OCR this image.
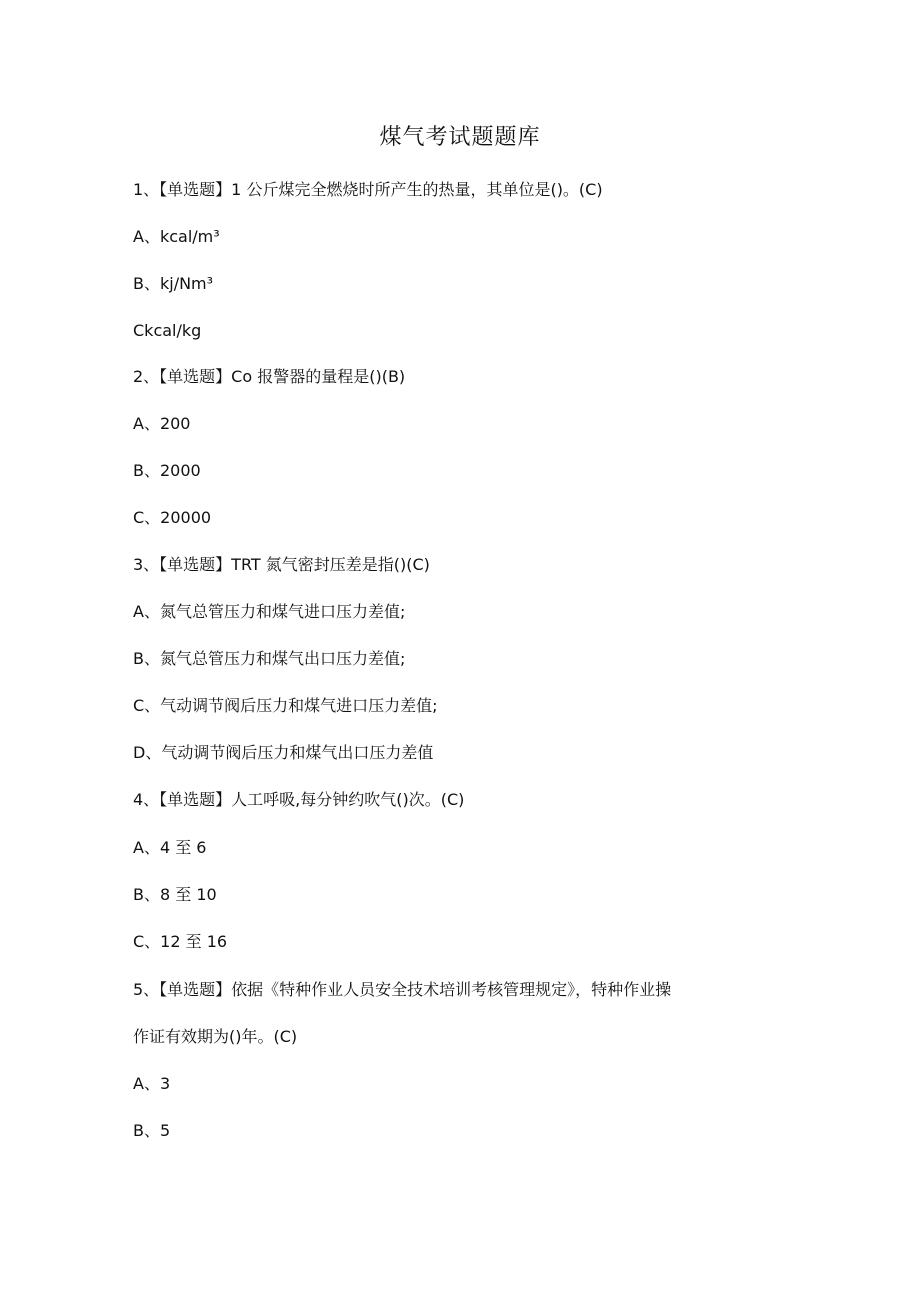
煤气考试题题库
1、【单选题】1 公斤煤完全燃烧时所产生的热量，其单位是()。(C)
A、kcal/m³
B、kj/Nm³
Ckcal/kg
2、【单选题】Co 报警器的量程是()(B)
A、200
B、2000
C、20000
3、【单选题】TRT 氮气密封压差是指()(C)
A、氮气总管压力和煤气进口压力差值;
B、氮气总管压力和煤气出口压力差值;
C、气动调节阀后压力和煤气进口压力差值;
D、气动调节阀后压力和煤气出口压力差值
4、【单选题】人工呼吸,每分钟约吹气()次。(C)
A、4 至 6
B、8 至 10
C、12 至 16
5、【单选题】依据《特种作业人员安全技术培训考核管理规定》，特种作业操
作证有效期为()年。(C)
A、3
B、5
